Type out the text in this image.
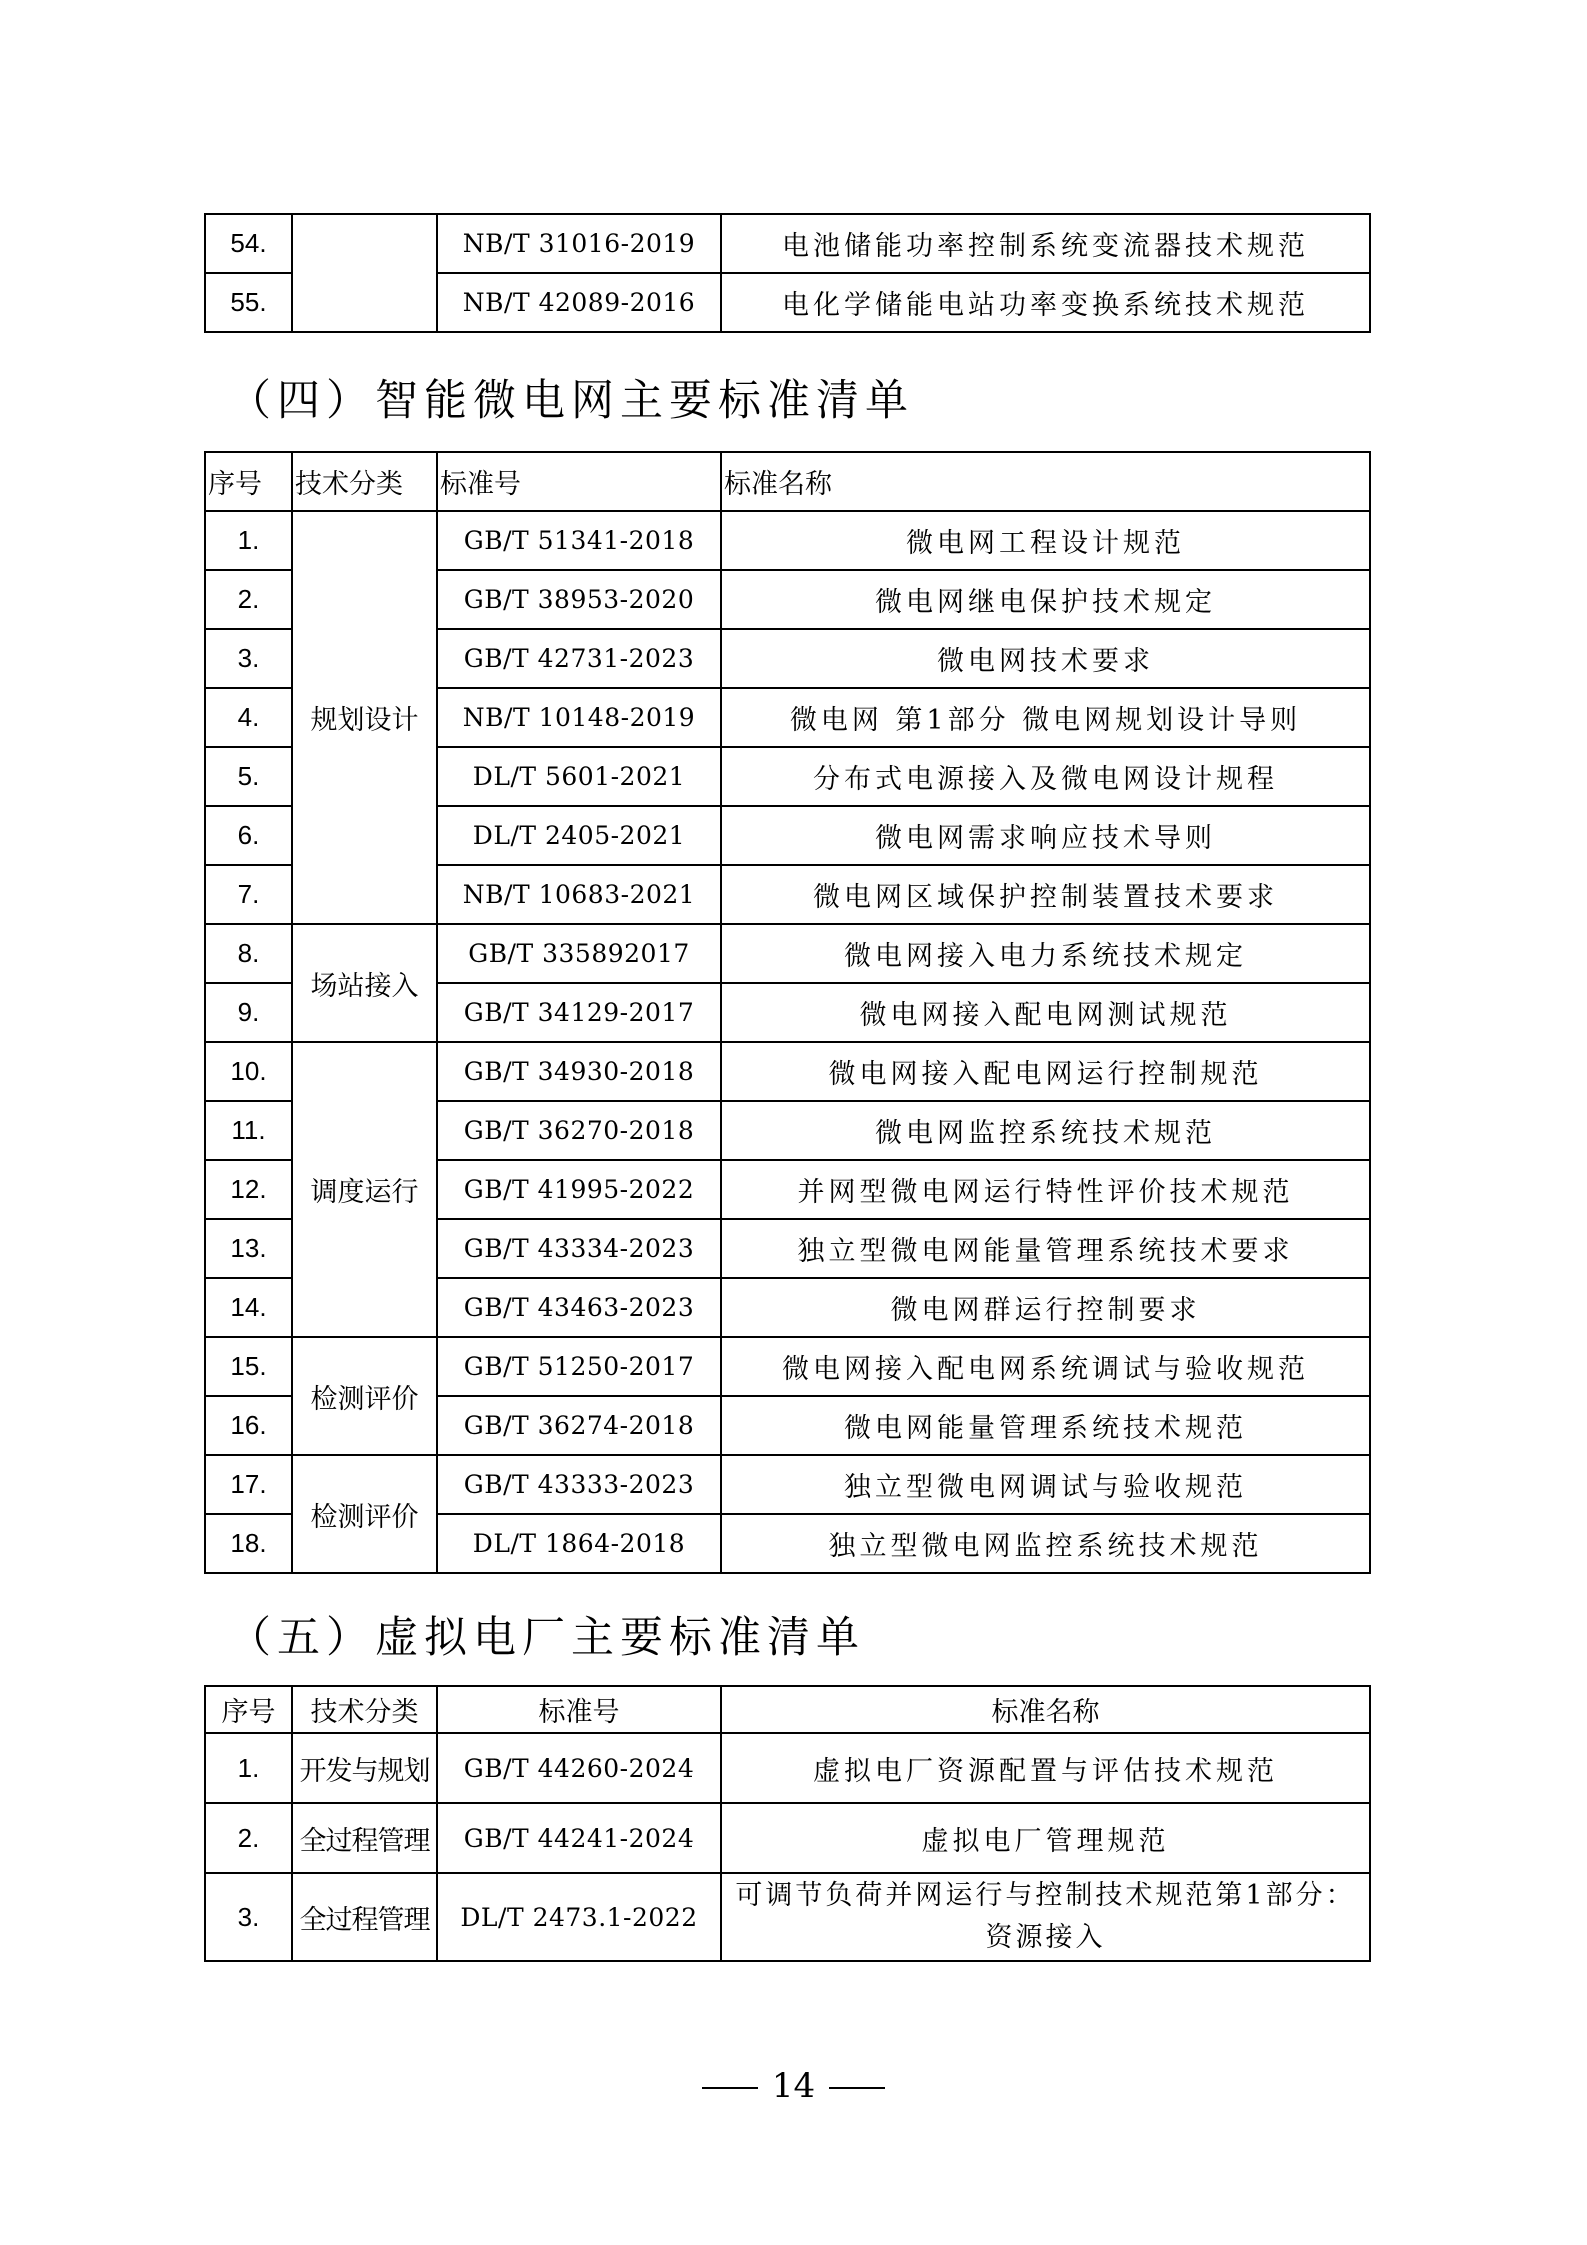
54.		NB/T 31016-2019	电池储能功率控制系统变流器技术规范
55.		NB/T 42089-2016	电化学储能电站功率变换系统技术规范
（四）智能微电网主要标准清单
序号	技术分类	标准号	标准名称
1.	规划设计	GB/T 51341-2018	微电网工程设计规范
2.		GB/T 38953-2020	微电网继电保护技术规定
3.		GB/T 42731-2023	微电网技术要求
4.		NB/T 10148-2019	微电网 第1部分 微电网规划设计导则
5.		DL/T 5601-2021	分布式电源接入及微电网设计规程
6.		DL/T 2405-2021	微电网需求响应技术导则
7.		NB/T 10683-2021	微电网区域保护控制装置技术要求
8.	场站接入	GB/T 335892017	微电网接入电力系统技术规定
9.		GB/T 34129-2017	微电网接入配电网测试规范
10.	调度运行	GB/T 34930-2018	微电网接入配电网运行控制规范
11.		GB/T 36270-2018	微电网监控系统技术规范
12.		GB/T 41995-2022	并网型微电网运行特性评价技术规范
13.		GB/T 43334-2023	独立型微电网能量管理系统技术要求
14.		GB/T 43463-2023	微电网群运行控制要求
15.	检测评价	GB/T 51250-2017	微电网接入配电网系统调试与验收规范
16.		GB/T 36274-2018	微电网能量管理系统技术规范
17.	检测评价	GB/T 43333-2023	独立型微电网调试与验收规范
18.		DL/T 1864-2018	独立型微电网监控系统技术规范
（五）虚拟电厂主要标准清单
序号	技术分类	标准号	标准名称
1.	开发与规划	GB/T 44260-2024	虚拟电厂资源配置与评估技术规范
2.	全过程管理	GB/T 44241-2024	虚拟电厂管理规范
3.	全过程管理	DL/T 2473.1-2022	可调节负荷并网运行与控制技术规范第1部分：
资源接入
14
